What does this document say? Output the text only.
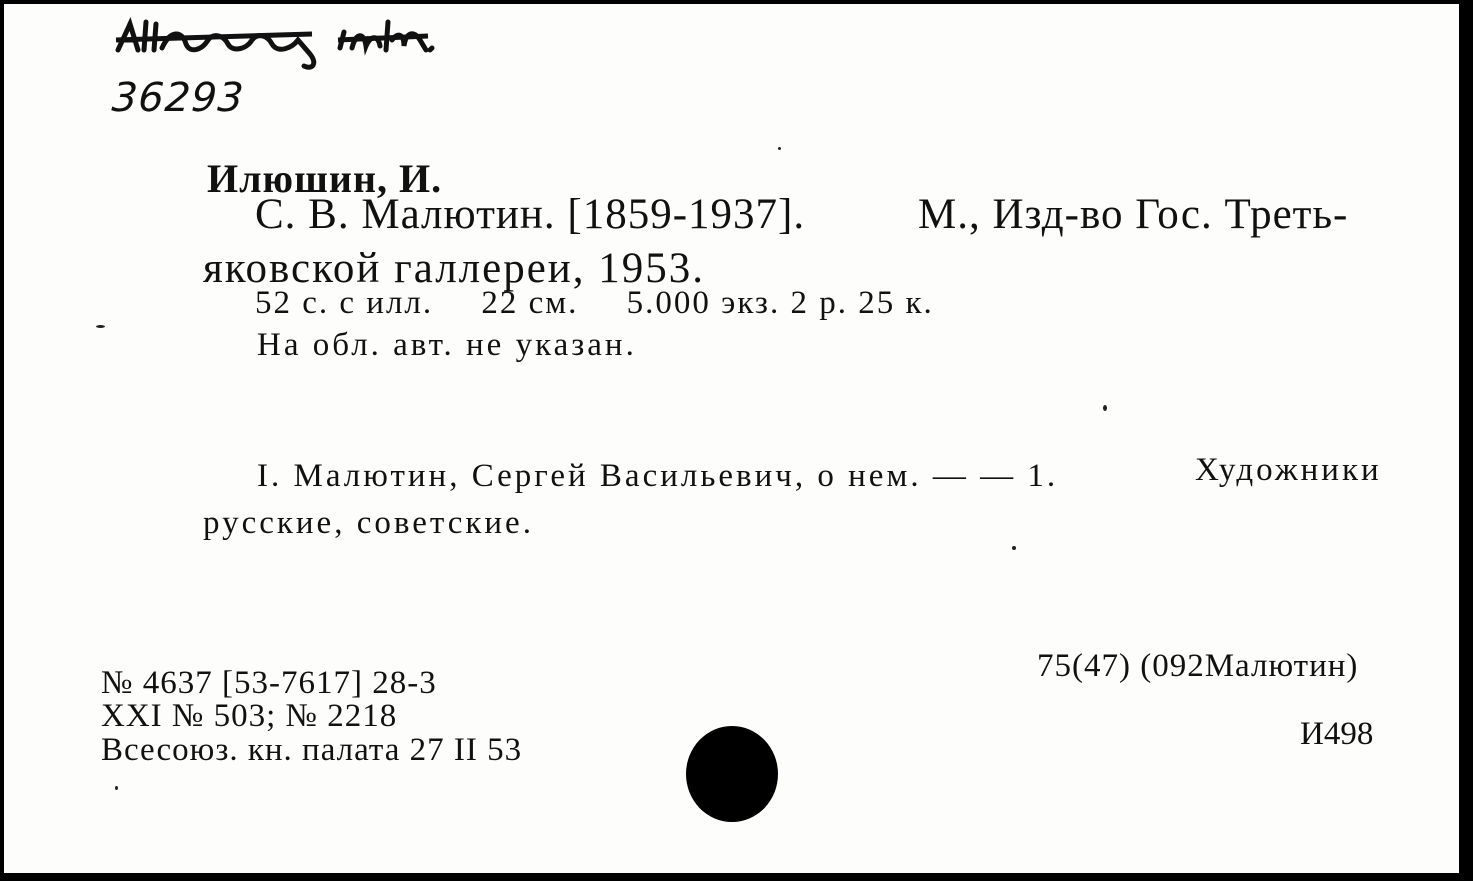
36293
Илюшин, И.
С. В. Малютин. [1859-1937].	М., Изд-во Гос. Треть-
яковской галлереи, 1953.
52 с. с илл. 22 см. 5.000 экз. 2 р. 25 к.
На обл. авт. не указан.
I. Малютин, Сергей Васильевич, о нем. — — 1.	Художники
русские, советские.
№ 4637 [53-7617] 28-3
XXI № 503; № 2218
Всесоюз. кн. палата 27 II 53
75(47) (092Малютин)
И498
